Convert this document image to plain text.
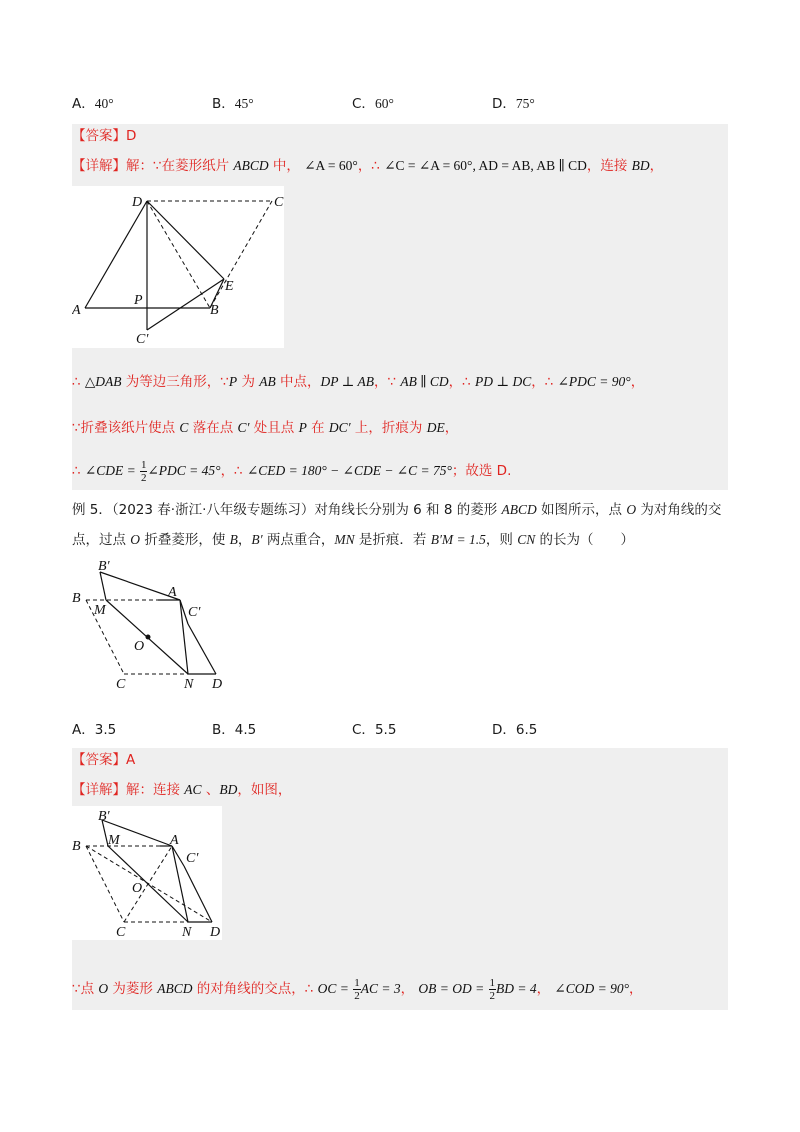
A．40°	B．45°	C．60°	D．75°
【答案】D
【详解】解：∵在菱形纸片 ABCD 中， ∠A = 60°，∴ ∠C = ∠A = 60°, AD = AB, AB ∥ CD，连接 BD，
D	C
E
P
A	B
C′
∴ △DAB 为等边三角形，∵P 为 AB 中点，DP ⊥ AB，∵ AB ∥ CD，∴ PD ⊥ DC，∴ ∠PDC = 90°，
∵折叠该纸片使点 C 落在点 C′ 处且点 P 在 DC′ 上，折痕为 DE，
∴ ∠CDE = $\frac{1}{2}$ ∠PDC = 45°，∴ ∠CED = 180° − ∠CDE − ∠C = 75°；故选 D.
例 5．（2023 春·浙江·八年级专题练习）对角线长分别为 6 和 8 的菱形 ABCD 如图所示，点 O 为对角线的交
点，过点 O 折叠菱形，使 B，B′ 两点重合，MN 是折痕．若 B′M = 1.5，则 CN 的长为（　　）
B′
B
M
A
C′
O
C	N D
A．3.5	B．4.5	C．5.5	D．6.5
【答案】A
【详解】解：连接 AC 、BD，如图，
B′
M	A
B
C′
O
C	N D
∵点 O 为菱形 ABCD 的对角线的交点，∴ OC = $\frac{1}{2}$ AC = 3， OB = OD = $\frac{1}{2}$ BD = 4， ∠COD = 90°，
